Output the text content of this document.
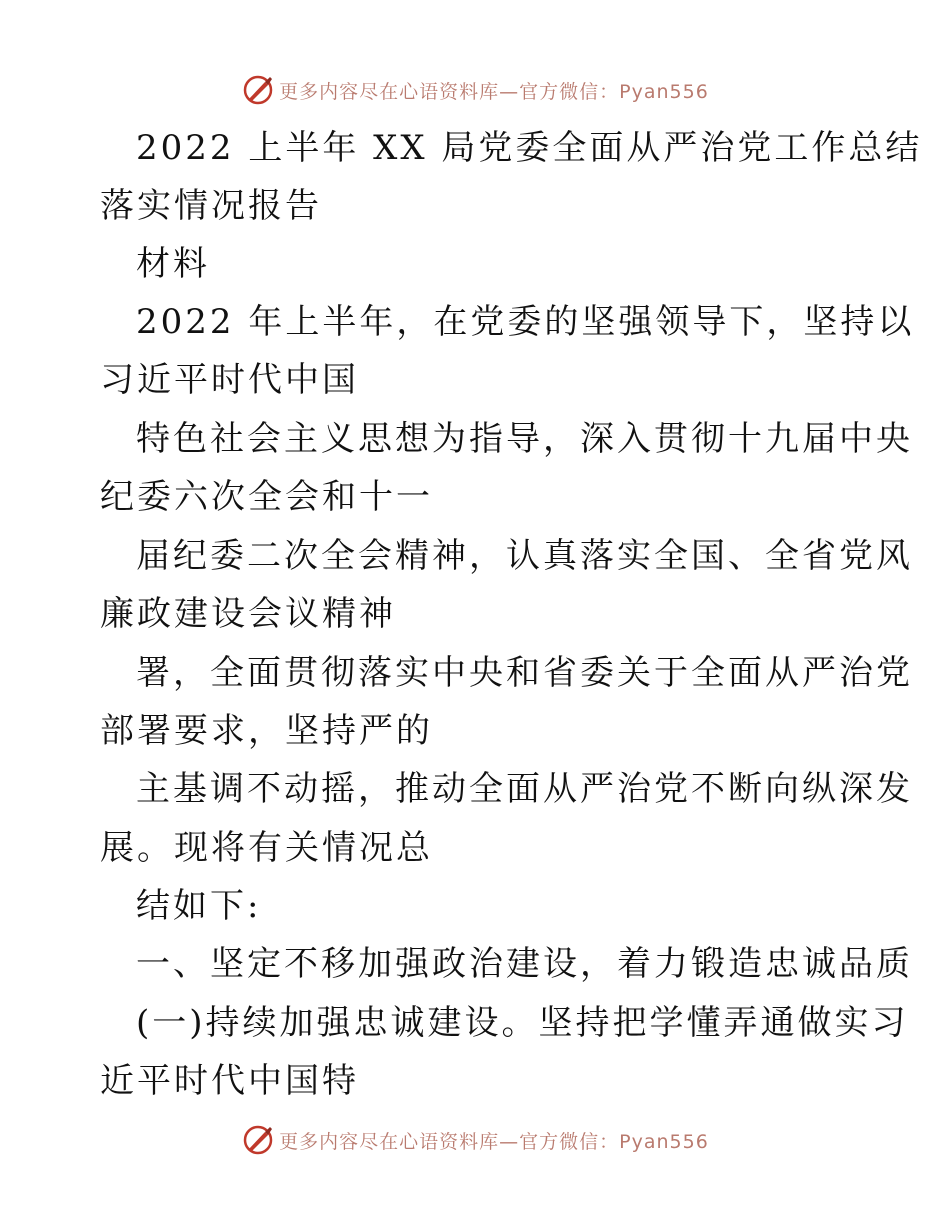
更多内容尽在心语资料库—官方微信：Pyan556
2022 上半年 XX 局党委全面从严治党工作总结
落实情况报告
材料
2022 年上半年，在党委的坚强领导下，坚持以
习近平时代中国
特色社会主义思想为指导，深入贯彻十九届中央
纪委六次全会和十一
届纪委二次全会精神，认真落实全国、全省党风
廉政建设会议精神
署，全面贯彻落实中央和省委关于全面从严治党
部署要求，坚持严的
主基调不动摇，推动全面从严治党不断向纵深发
展。现将有关情况总
结如下:
一、坚定不移加强政治建设，着力锻造忠诚品质
(一)持续加强忠诚建设。坚持把学懂弄通做实习
近平时代中国特
更多内容尽在心语资料库—官方微信：Pyan556
